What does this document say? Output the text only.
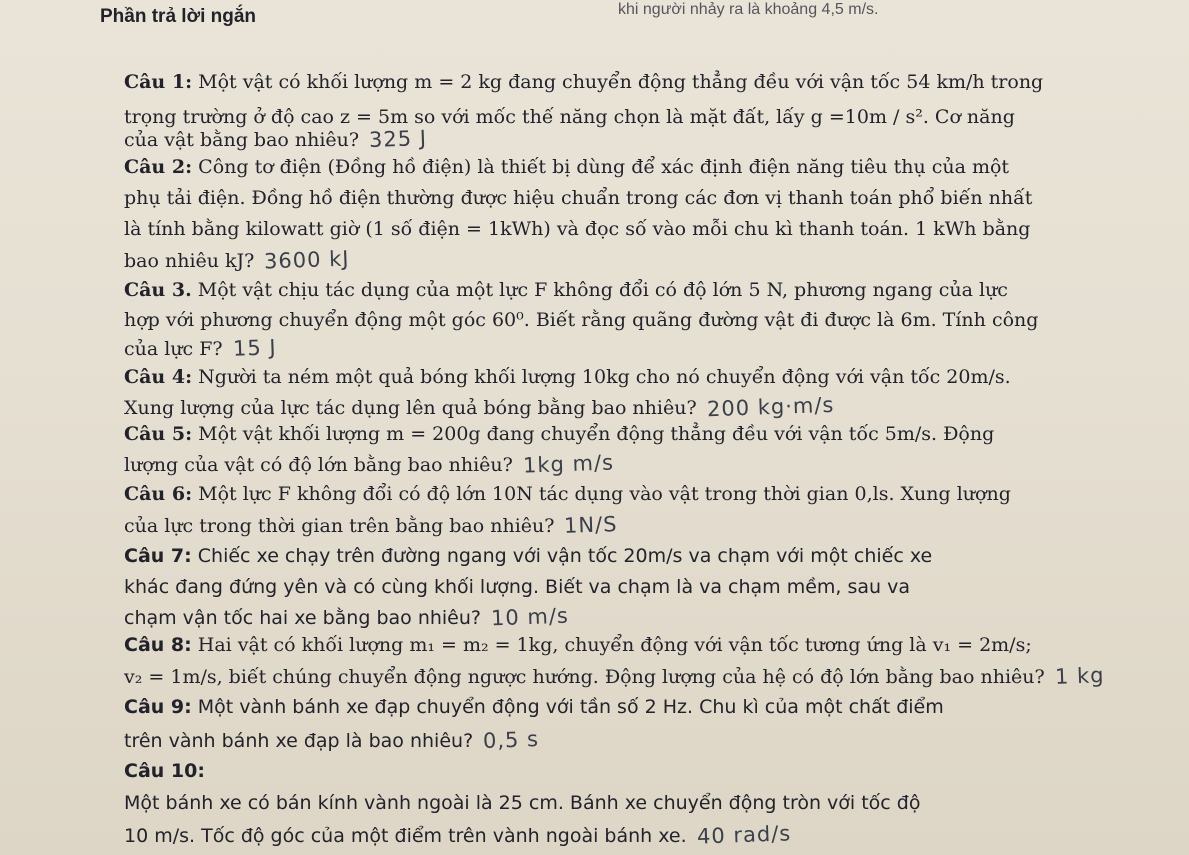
Phần trả lời ngắn	khi người nhảy ra là khoảng 4,5 m/s.
Câu 1: Một vật có khối lượng m = 2 kg đang chuyển động thẳng đều với vận tốc 54 km/h trong
trọng trường ở độ cao z = 5m so với mốc thế năng chọn là mặt đất, lấy g =10m / s². Cơ năng
của vật bằng bao nhiêu? 325 J
Câu 2: Công tơ điện (Đồng hồ điện) là thiết bị dùng để xác định điện năng tiêu thụ của một
phụ tải điện. Đồng hồ điện thường được hiệu chuẩn trong các đơn vị thanh toán phổ biến nhất
là tính bằng kilowatt giờ (1 số điện = 1kWh) và đọc số vào mỗi chu kì thanh toán. 1 kWh bằng
bao nhiêu kJ? 3600 kJ
Câu 3. Một vật chịu tác dụng của một lực F không đổi có độ lớn 5 N, phương ngang của lực
hợp với phương chuyển động một góc 60⁰. Biết rằng quãng đường vật đi được là 6m. Tính công
của lực F? 15 J
Câu 4: Người ta ném một quả bóng khối lượng 10kg cho nó chuyển động với vận tốc 20m/s.
Xung lượng của lực tác dụng lên quả bóng bằng bao nhiêu? 200 kg·m/s
Câu 5: Một vật khối lượng m = 200g đang chuyển động thẳng đều với vận tốc 5m/s. Động
lượng của vật có độ lớn bằng bao nhiêu? 1kg m/s
Câu 6: Một lực F không đổi có độ lớn 10N tác dụng vào vật trong thời gian 0,ls. Xung lượng
của lực trong thời gian trên bằng bao nhiêu? 1N/S
Câu 7: Chiếc xe chạy trên đường ngang với vận tốc 20m/s va chạm với một chiếc xe
khác đang đứng yên và có cùng khối lượng. Biết va chạm là va chạm mềm, sau va
chạm vận tốc hai xe bằng bao nhiêu? 10 m/s
Câu 8: Hai vật có khối lượng m₁ = m₂ = 1kg, chuyển động với vận tốc tương ứng là v₁ = 2m/s;
v₂ = 1m/s, biết chúng chuyển động ngược hướng. Động lượng của hệ có độ lớn bằng bao nhiêu? 1 kg
Câu 9: Một vành bánh xe đạp chuyển động với tần số 2 Hz. Chu kì của một chất điểm
trên vành bánh xe đạp là bao nhiêu? 0,5 s
Câu 10:
Một bánh xe có bán kính vành ngoài là 25 cm. Bánh xe chuyển động tròn với tốc độ
10 m/s. Tốc độ góc của một điểm trên vành ngoài bánh xe. 40 rad/s
